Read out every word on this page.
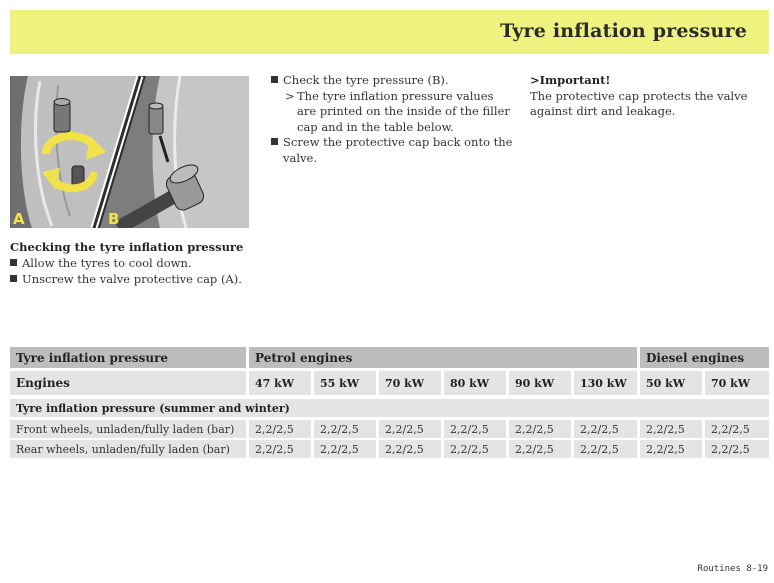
Tyre inflation pressure
A	B
Checking the tyre inflation pressure
Allow the tyres to cool down.
Unscrew the valve protective cap (A).
Check the tyre pressure (B).
> The tyre inflation pressure values are printed on the inside of the filler cap and in the table below.
Screw the protective cap back onto the valve.
>Important!
The protective cap protects the valve against dirt and leakage.
Tyre inflation pressure	Petrol engines	Diesel engines
Engines	47 kW	55 kW	70 kW	80 kW	90 kW	130 kW	50 kW	70 kW
Tyre inflation pressure (summer and winter)
Front wheels, unladen/fully laden (bar)	2,2/2,5	2,2/2,5	2,2/2,5	2,2/2,5	2,2/2,5	2,2/2,5	2,2/2,5	2,2/2,5
Rear wheels, unladen/fully laden (bar)	2,2/2,5	2,2/2,5	2,2/2,5	2,2/2,5	2,2/2,5	2,2/2,5	2,2/2,5	2,2/2,5
Routines 8-19
